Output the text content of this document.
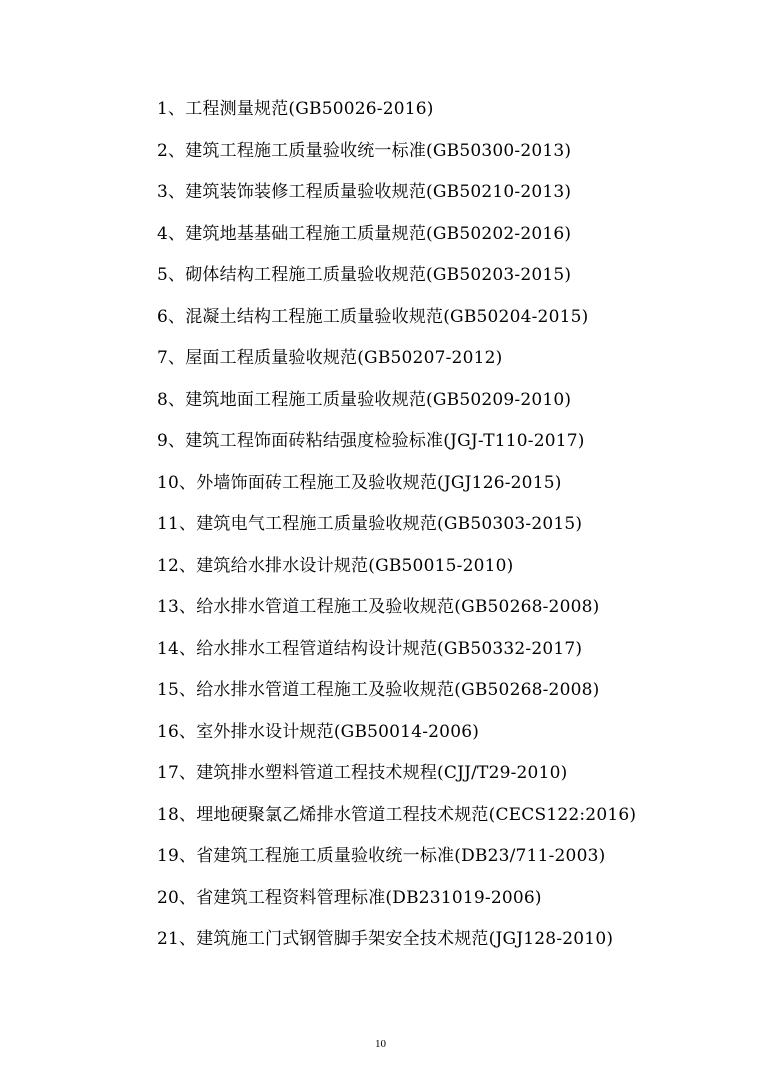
1、工程测量规范(GB50026-2016)
2、建筑工程施工质量验收统一标准(GB50300-2013)
3、建筑装饰装修工程质量验收规范(GB50210-2013)
4、建筑地基基础工程施工质量规范(GB50202-2016)
5、砌体结构工程施工质量验收规范(GB50203-2015)
6、混凝土结构工程施工质量验收规范(GB50204-2015)
7、屋面工程质量验收规范(GB50207-2012)
8、建筑地面工程施工质量验收规范(GB50209-2010)
9、建筑工程饰面砖粘结强度检验标准(JGJ-T110-2017)
10、外墙饰面砖工程施工及验收规范(JGJ126-2015)
11、建筑电气工程施工质量验收规范(GB50303-2015)
12、建筑给水排水设计规范(GB50015-2010)
13、给水排水管道工程施工及验收规范(GB50268-2008)
14、给水排水工程管道结构设计规范(GB50332-2017)
15、给水排水管道工程施工及验收规范(GB50268-2008)
16、室外排水设计规范(GB50014-2006)
17、建筑排水塑料管道工程技术规程(CJJ/T29-2010)
18、埋地硬聚氯乙烯排水管道工程技术规范(CECS122:2016)
19、省建筑工程施工质量验收统一标准(DB23/711-2003)
20、省建筑工程资料管理标准(DB231019-2006)
21、建筑施工门式钢管脚手架安全技术规范(JGJ128-2010)
10
